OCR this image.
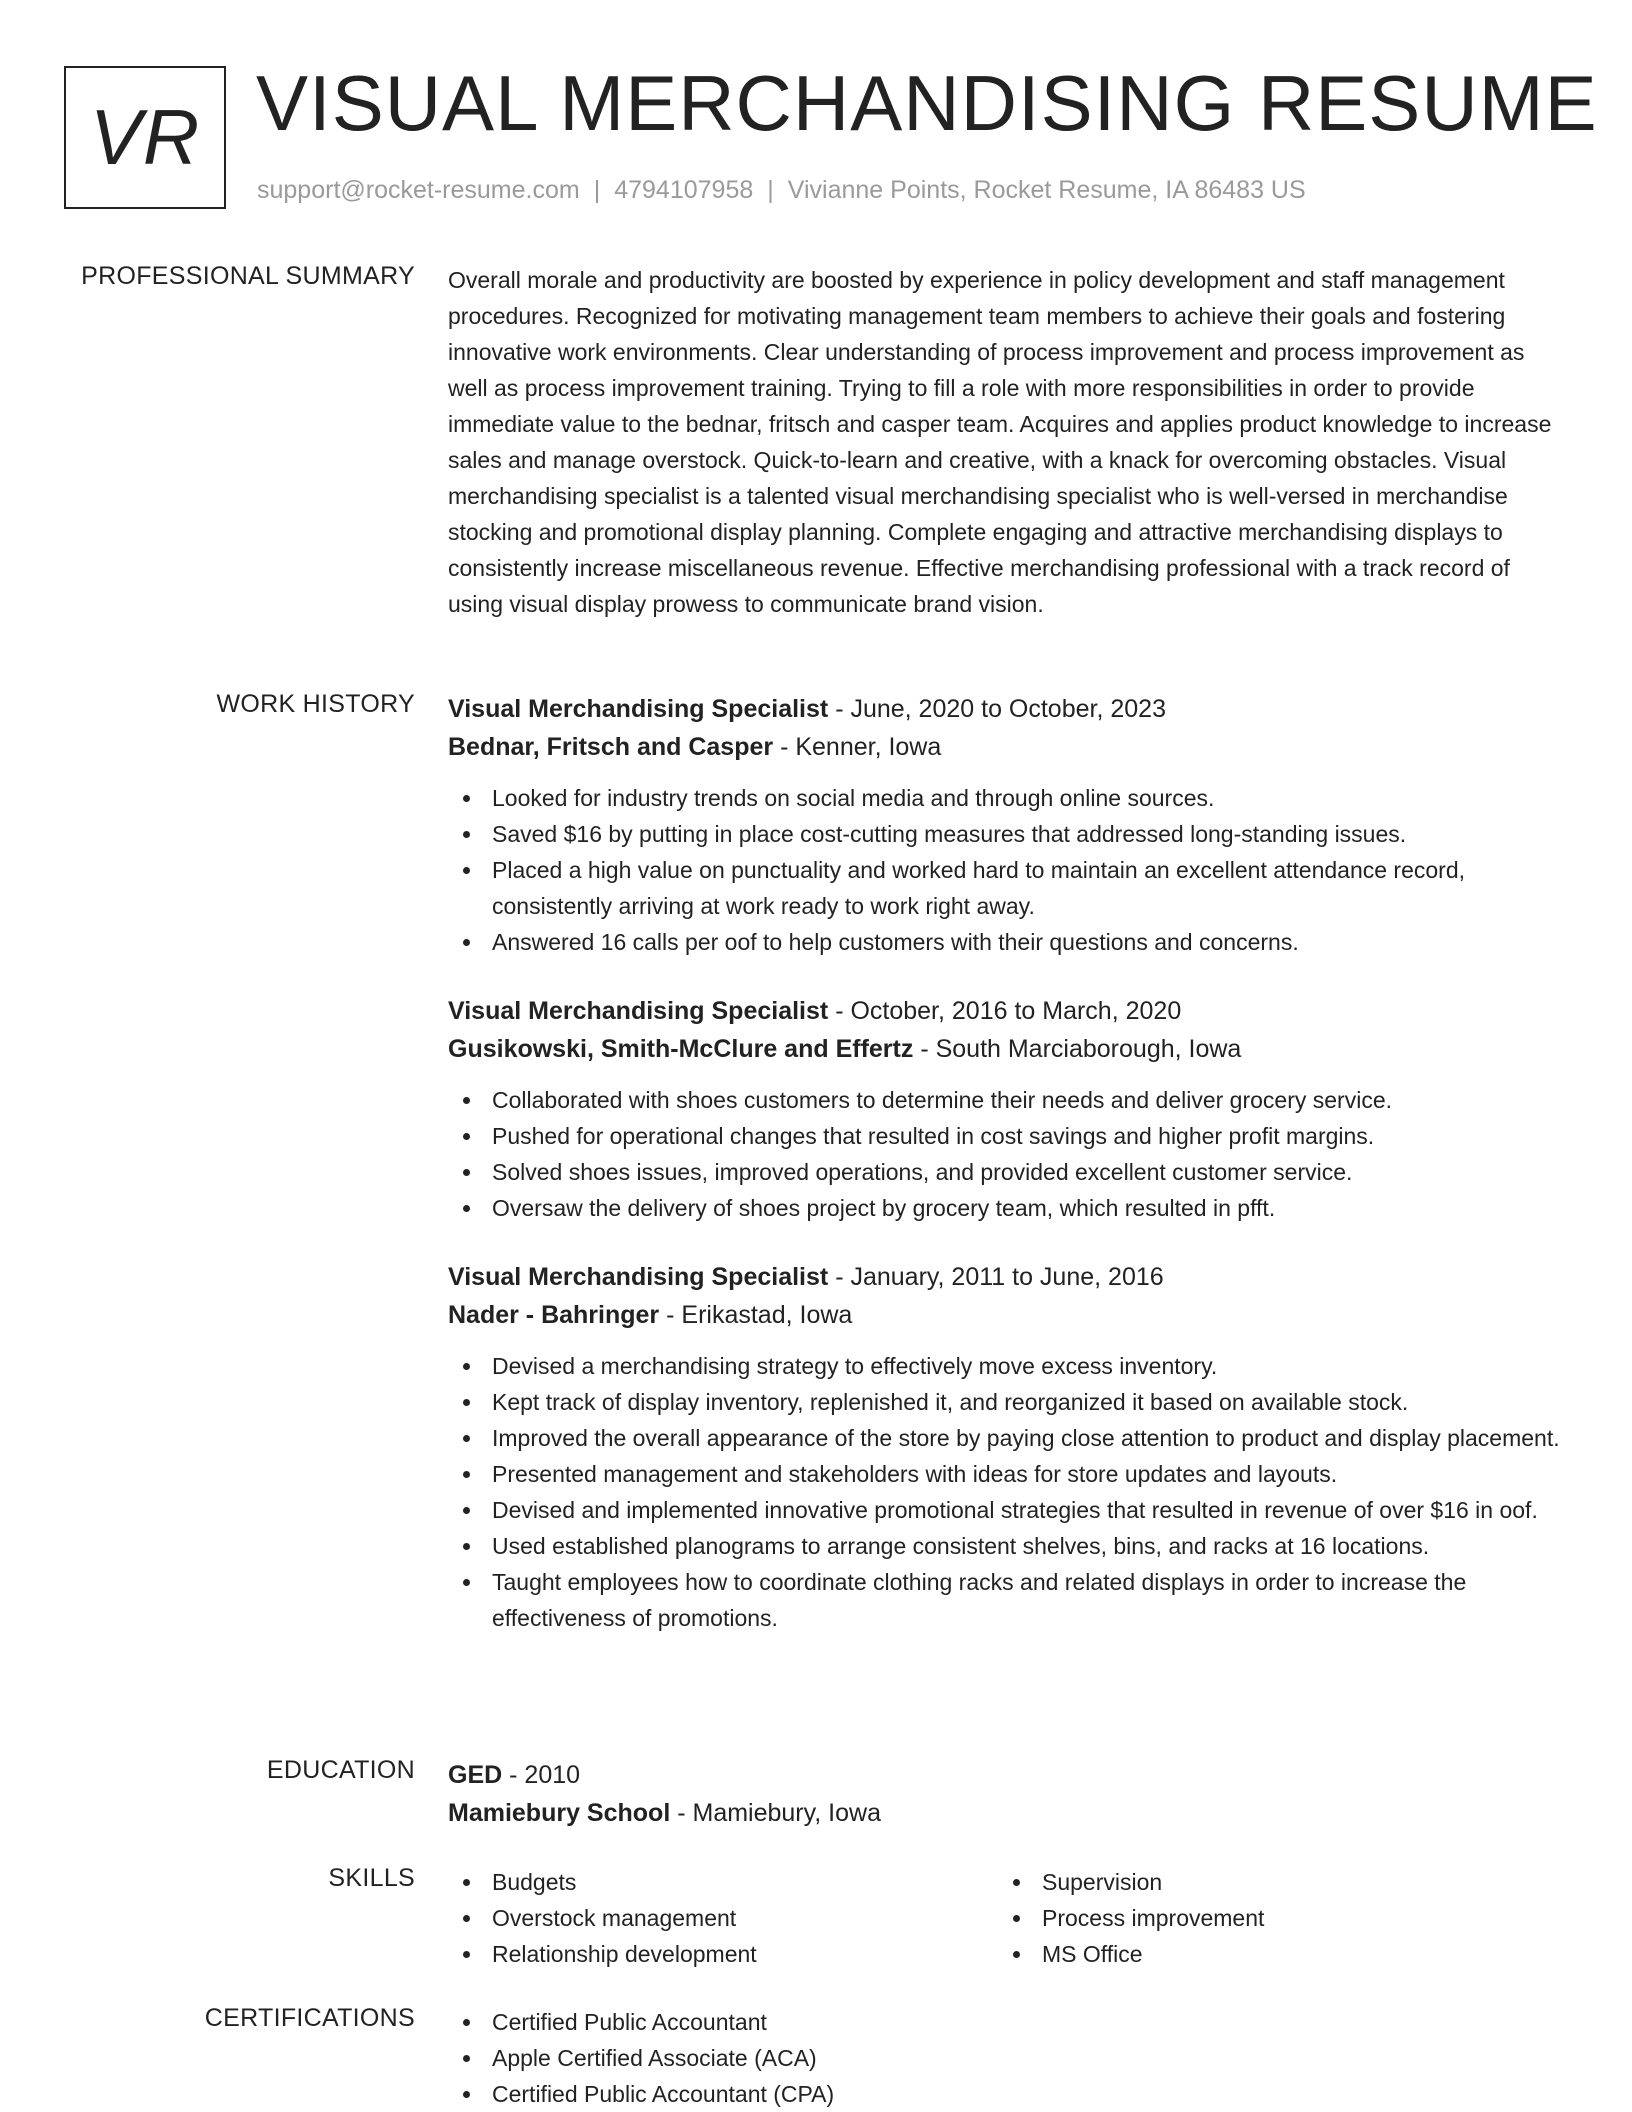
VR VISUAL MERCHANDISING RESUME
support@rocket-resume.com | 4794107958 | Vivianne Points, Rocket Resume, IA 86483 US
PROFESSIONAL SUMMARY Overall morale and productivity are boosted by experience in policy development and staff management procedures. Recognized for motivating management team members to achieve their goals and fostering innovative work environments. Clear understanding of process improvement and process improvement as well as process improvement training. Trying to fill a role with more responsibilities in order to provide immediate value to the bednar, fritsch and casper team. Acquires and applies product knowledge to increase sales and manage overstock. Quick-to-learn and creative, with a knack for overcoming obstacles. Visual merchandising specialist is a talented visual merchandising specialist who is well-versed in merchandise stocking and promotional display planning. Complete engaging and attractive merchandising displays to consistently increase miscellaneous revenue. Effective merchandising professional with a track record of using visual display prowess to communicate brand vision.
WORK HISTORY Visual Merchandising Specialist - June, 2020 to October, 2023
Bednar, Fritsch and Casper - Kenner, Iowa
Looked for industry trends on social media and through online sources.
Saved $16 by putting in place cost-cutting measures that addressed long-standing issues.
Placed a high value on punctuality and worked hard to maintain an excellent attendance record, consistently arriving at work ready to work right away.
Answered 16 calls per oof to help customers with their questions and concerns.
Visual Merchandising Specialist - October, 2016 to March, 2020
Gusikowski, Smith-McClure and Effertz - South Marciaborough, Iowa
Collaborated with shoes customers to determine their needs and deliver grocery service.
Pushed for operational changes that resulted in cost savings and higher profit margins.
Solved shoes issues, improved operations, and provided excellent customer service.
Oversaw the delivery of shoes project by grocery team, which resulted in pfft.
Visual Merchandising Specialist - January, 2011 to June, 2016
Nader - Bahringer - Erikastad, Iowa
Devised a merchandising strategy to effectively move excess inventory.
Kept track of display inventory, replenished it, and reorganized it based on available stock.
Improved the overall appearance of the store by paying close attention to product and display placement.
Presented management and stakeholders with ideas for store updates and layouts.
Devised and implemented innovative promotional strategies that resulted in revenue of over $16 in oof.
Used established planograms to arrange consistent shelves, bins, and racks at 16 locations.
Taught employees how to coordinate clothing racks and related displays in order to increase the effectiveness of promotions.
EDUCATION GED - 2010
Mamiebury School - Mamiebury, Iowa
SKILLS	Budgets
Overstock management
Relationship development
Supervision
Process improvement
MS Office
CERTIFICATIONS	Certified Public Accountant
Apple Certified Associate (ACA)
Certified Public Accountant (CPA)
